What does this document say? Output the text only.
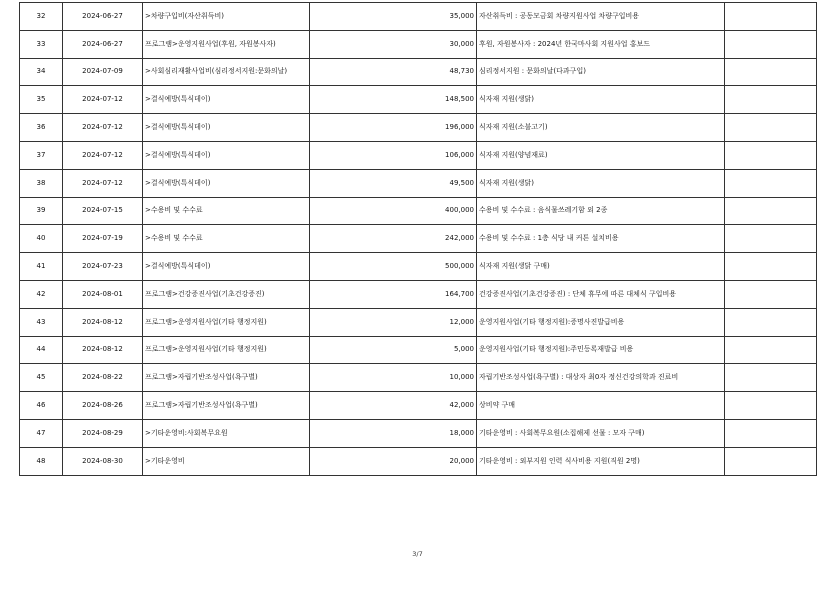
32	2024-06-27	>차량구입비(자산취득비)	35,000	자산취득비 : 공동모금회 차량지원사업 차량구입비용	
33	2024-06-27	프로그램>운영지원사업(후원, 자원봉사자)	30,000	후원, 자원봉사자 : 2024년 한국마사회 지원사업 홍보드	
34	2024-07-09	>사회심리재활사업비(심리정서지원:문화의날)	48,730	심리정서지원 : 문화의날(다과구입)	
35	2024-07-12	>결식예방(특식데이)	148,500	식자재 지원(생닭)	
36	2024-07-12	>결식예방(특식데이)	196,000	식자재 지원(소불고기)	
37	2024-07-12	>결식예방(특식데이)	106,000	식자재 지원(양념재료)	
38	2024-07-12	>결식예방(특식데이)	49,500	식자재 지원(생닭)	
39	2024-07-15	>수용비 및 수수료	400,000	수용비 및 수수료 : 음식물쓰레기함 외 2종	
40	2024-07-19	>수용비 및 수수료	242,000	수용비 및 수수료 : 1층 식당 내 커튼 설치비용	
41	2024-07-23	>결식예방(특식데이)	500,000	식자재 지원(생닭 구매)	
42	2024-08-01	프로그램>건강증진사업(기초건강증진)	164,700	건강증진사업(기초건강증진) : 단체 휴무에 따른 대체식 구입비용	
43	2024-08-12	프로그램>운영지원사업(기타 행정지원)	12,000	운영지원사업(기타 행정지원):증명사진발급비용	
44	2024-08-12	프로그램>운영지원사업(기타 행정지원)	5,000	운영지원사업(기타 행정지원):주민등록재발급 비용	
45	2024-08-22	프로그램>자립기반조성사업(욕구별)	10,000	자립기반조성사업(욕구별) : 대상자 최0자 정신건강의학과 진료비	
46	2024-08-26	프로그램>자립기반조성사업(욕구별)	42,000	상비약 구매	
47	2024-08-29	>기타운영비:사회복무요원	18,000	기타운영비 : 사회복무요원(소집해제 선물 : 모자 구매)	
48	2024-08-30	>기타운영비	20,000	기타운영비 : 외부지원 인력 식사비용 지원(직원 2명)	
3/7
